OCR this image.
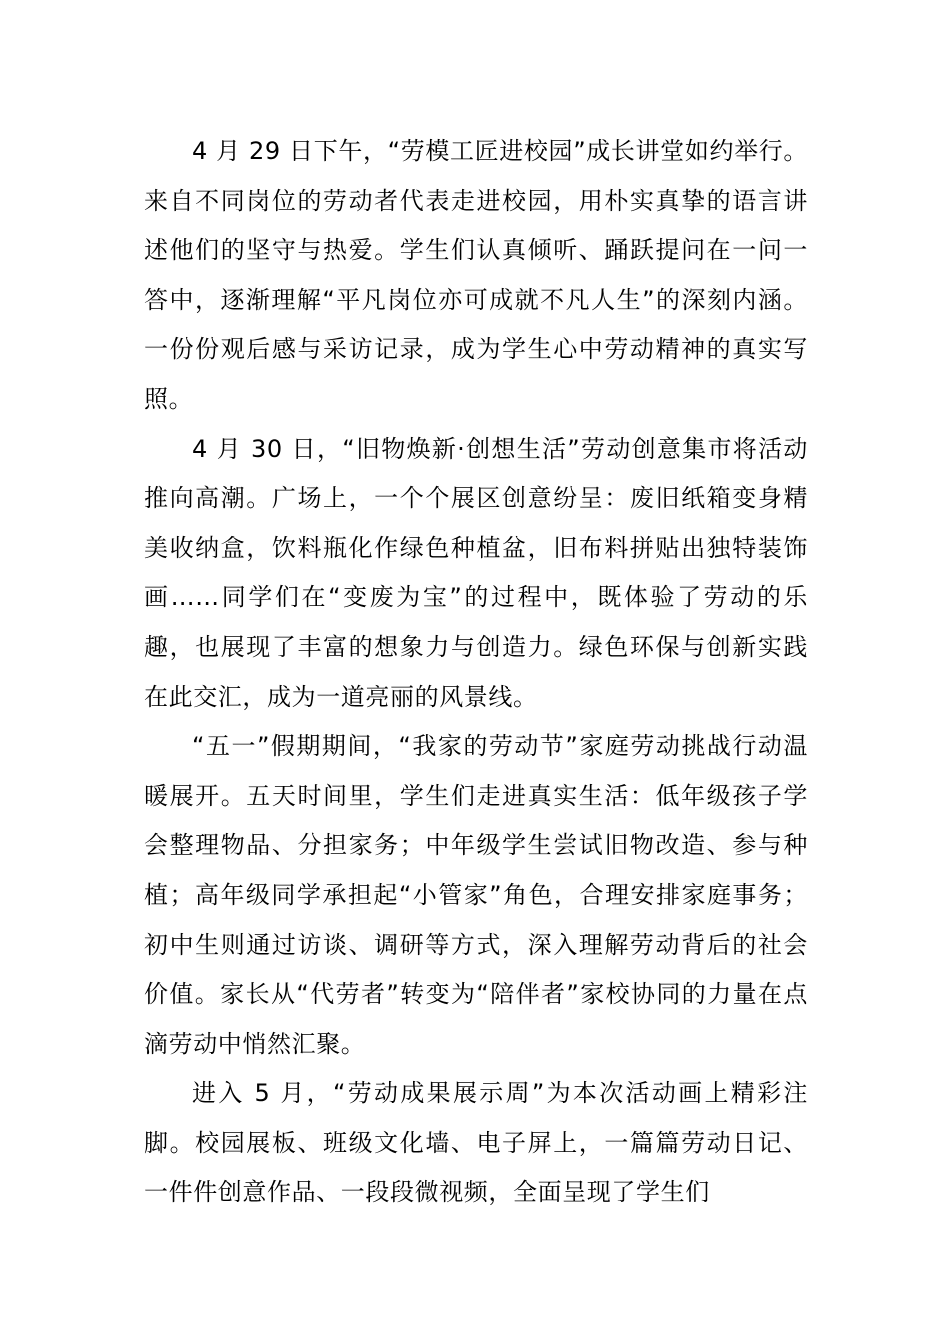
4 月 29 日下午，“劳模工匠进校园”成长讲堂如约举行。来自不同岗位的劳动者代表走进校园，用朴实真挚的语言讲述他们的坚守与热爱。学生们认真倾听、踊跃提问在一问一答中，逐渐理解“平凡岗位亦可成就不凡人生”的深刻内涵。一份份观后感与采访记录，成为学生心中劳动精神的真实写照。

4 月 30 日，“旧物焕新·创想生活”劳动创意集市将活动推向高潮。广场上，一个个展区创意纷呈：废旧纸箱变身精美收纳盒，饮料瓶化作绿色种植盆，旧布料拼贴出独特装饰画……同学们在“变废为宝”的过程中，既体验了劳动的乐趣，也展现了丰富的想象力与创造力。绿色环保与创新实践在此交汇，成为一道亮丽的风景线。

“五一”假期期间，“我家的劳动节”家庭劳动挑战行动温暖展开。五天时间里，学生们走进真实生活：低年级孩子学会整理物品、分担家务；中年级学生尝试旧物改造、参与种植；高年级同学承担起“小管家”角色，合理安排家庭事务；初中生则通过访谈、调研等方式，深入理解劳动背后的社会价值。家长从“代劳者”转变为“陪伴者”家校协同的力量在点滴劳动中悄然汇聚。

进入 5 月，“劳动成果展示周”为本次活动画上精彩注脚。校园展板、班级文化墙、电子屏上，一篇篇劳动日记、一件件创意作品、一段段微视频，全面呈现了学生们
